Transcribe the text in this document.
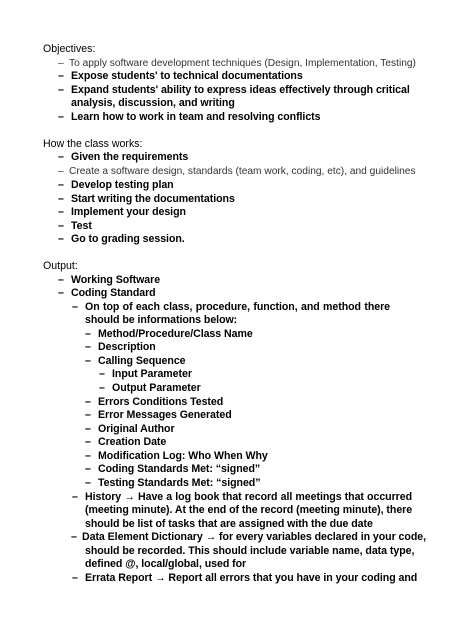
Objectives:
– To apply software development techniques (Design, Implementation, Testing)
– Expose students' to technical documentations
– Expand students' ability to express ideas effectively through critical
analysis, discussion, and writing
– Learn how to work in team and resolving conflicts
How the class works:
– Given the requirements
– Create a software design, standards (team work, coding, etc), and guidelines
– Develop testing plan
– Start writing the documentations
– Implement your design
– Test
– Go to grading session.
Output:
– Working Software
– Coding Standard
– On top of each class, procedure, function, and method there
should be informations below:
– Method/Procedure/Class Name
– Description
– Calling Sequence
– Input Parameter
– Output Parameter
– Errors Conditions Tested
– Error Messages Generated
– Original Author
– Creation Date
– Modification Log: Who When Why
– Coding Standards Met: “signed”
– Testing Standards Met: “signed”
– History → Have a log book that record all meetings that occurred
(meeting minute). At the end of the record (meeting minute), there
should be list of tasks that are assigned with the due date
– Data Element Dictionary → for every variables declared in your code,
should be recorded. This should include variable name, data type,
defined @, local/global, used for
– Errata Report → Report all errors that you have in your coding and
